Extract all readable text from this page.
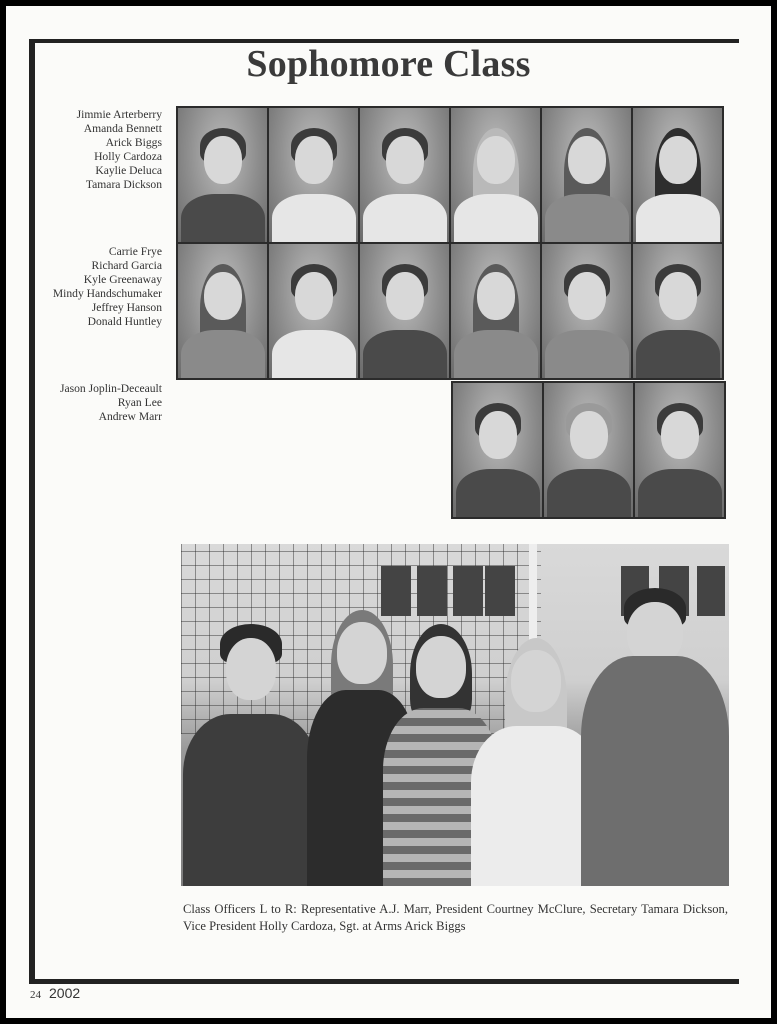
Sophomore Class
Jimmie Arterberry
Amanda Bennett
Arick Biggs
Holly Cardoza
Kaylie Deluca
Tamara Dickson
Carrie Frye
Richard Garcia
Kyle Greenaway
Mindy Handschumaker
Jeffrey Hanson
Donald Huntley
Jason Joplin-Deceault
Ryan Lee
Andrew Marr
Class Officers L to R: Representative A.J. Marr, President Courtney McClure, Secretary Tamara Dickson, Vice President Holly Cardoza, Sgt. at Arms Arick Biggs
24 2002
